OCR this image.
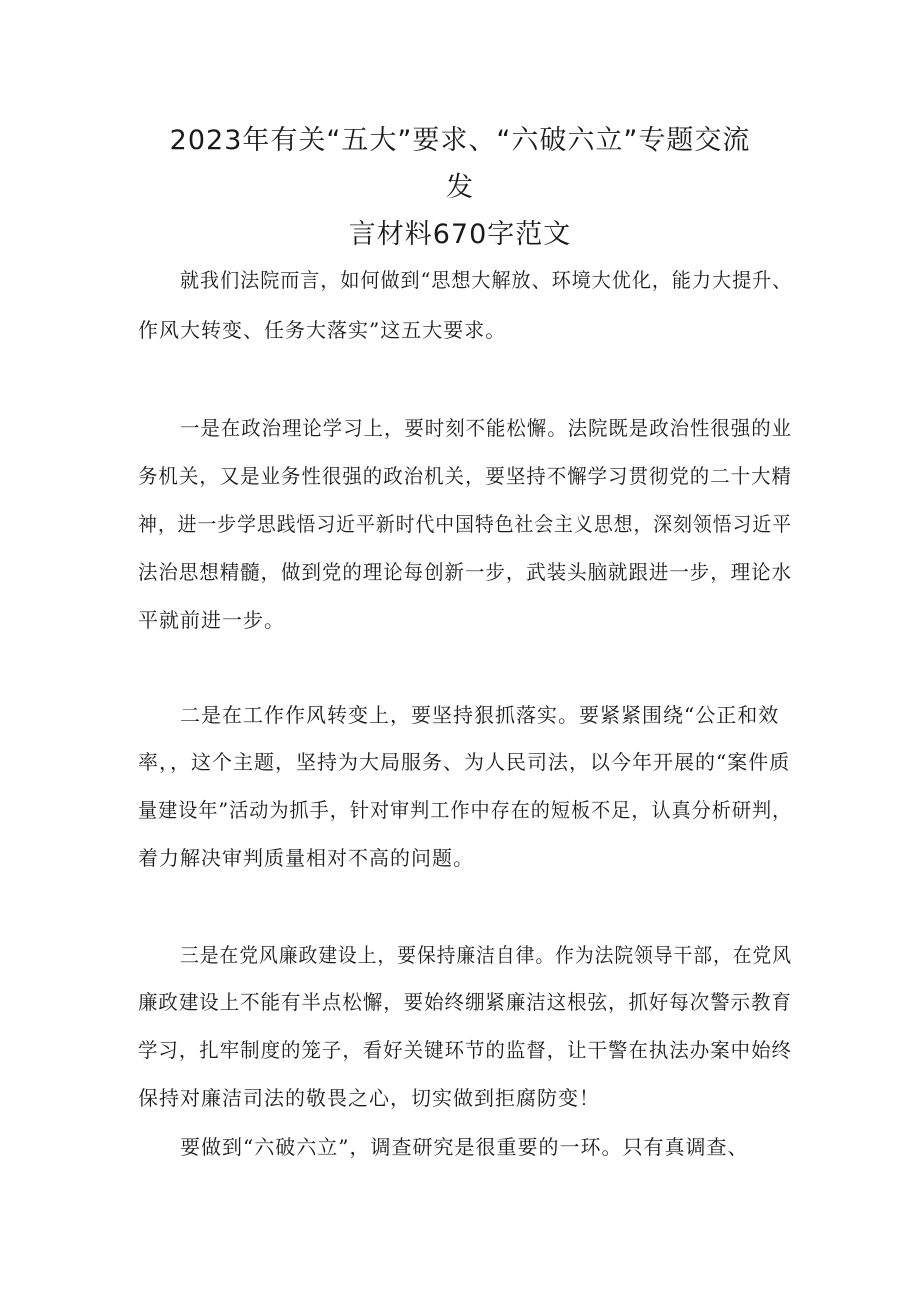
2023年有关“五大”要求、“六破六立”专题交流
发
言材料670字范文
就我们法院而言，如何做到“思想大解放、环境大优化，能力大提升、
作风大转变、任务大落实”这五大要求。
一是在政治理论学习上，要时刻不能松懈。法院既是政治性很强的业
务机关，又是业务性很强的政治机关，要坚持不懈学习贯彻党的二十大精
神，进一步学思践悟习近平新时代中国特色社会主义思想，深刻领悟习近平
法治思想精髓，做到党的理论每创新一步，武装头脑就跟进一步，理论水
平就前进一步。
二是在工作作风转变上，要坚持狠抓落实。要紧紧围绕“公正和效
率，，这个主题，坚持为大局服务、为人民司法，以今年开展的“案件质
量建设年”活动为抓手，针对审判工作中存在的短板不足，认真分析研判，
着力解决审判质量相对不高的问题。
三是在党风廉政建设上，要保持廉洁自律。作为法院领导干部，在党风
廉政建设上不能有半点松懈，要始终绷紧廉洁这根弦，抓好每次警示教育
学习，扎牢制度的笼子，看好关键环节的监督，让干警在执法办案中始终
保持对廉洁司法的敬畏之心，切实做到拒腐防变！
要做到“六破六立”，调查研究是很重要的一环。只有真调查、
